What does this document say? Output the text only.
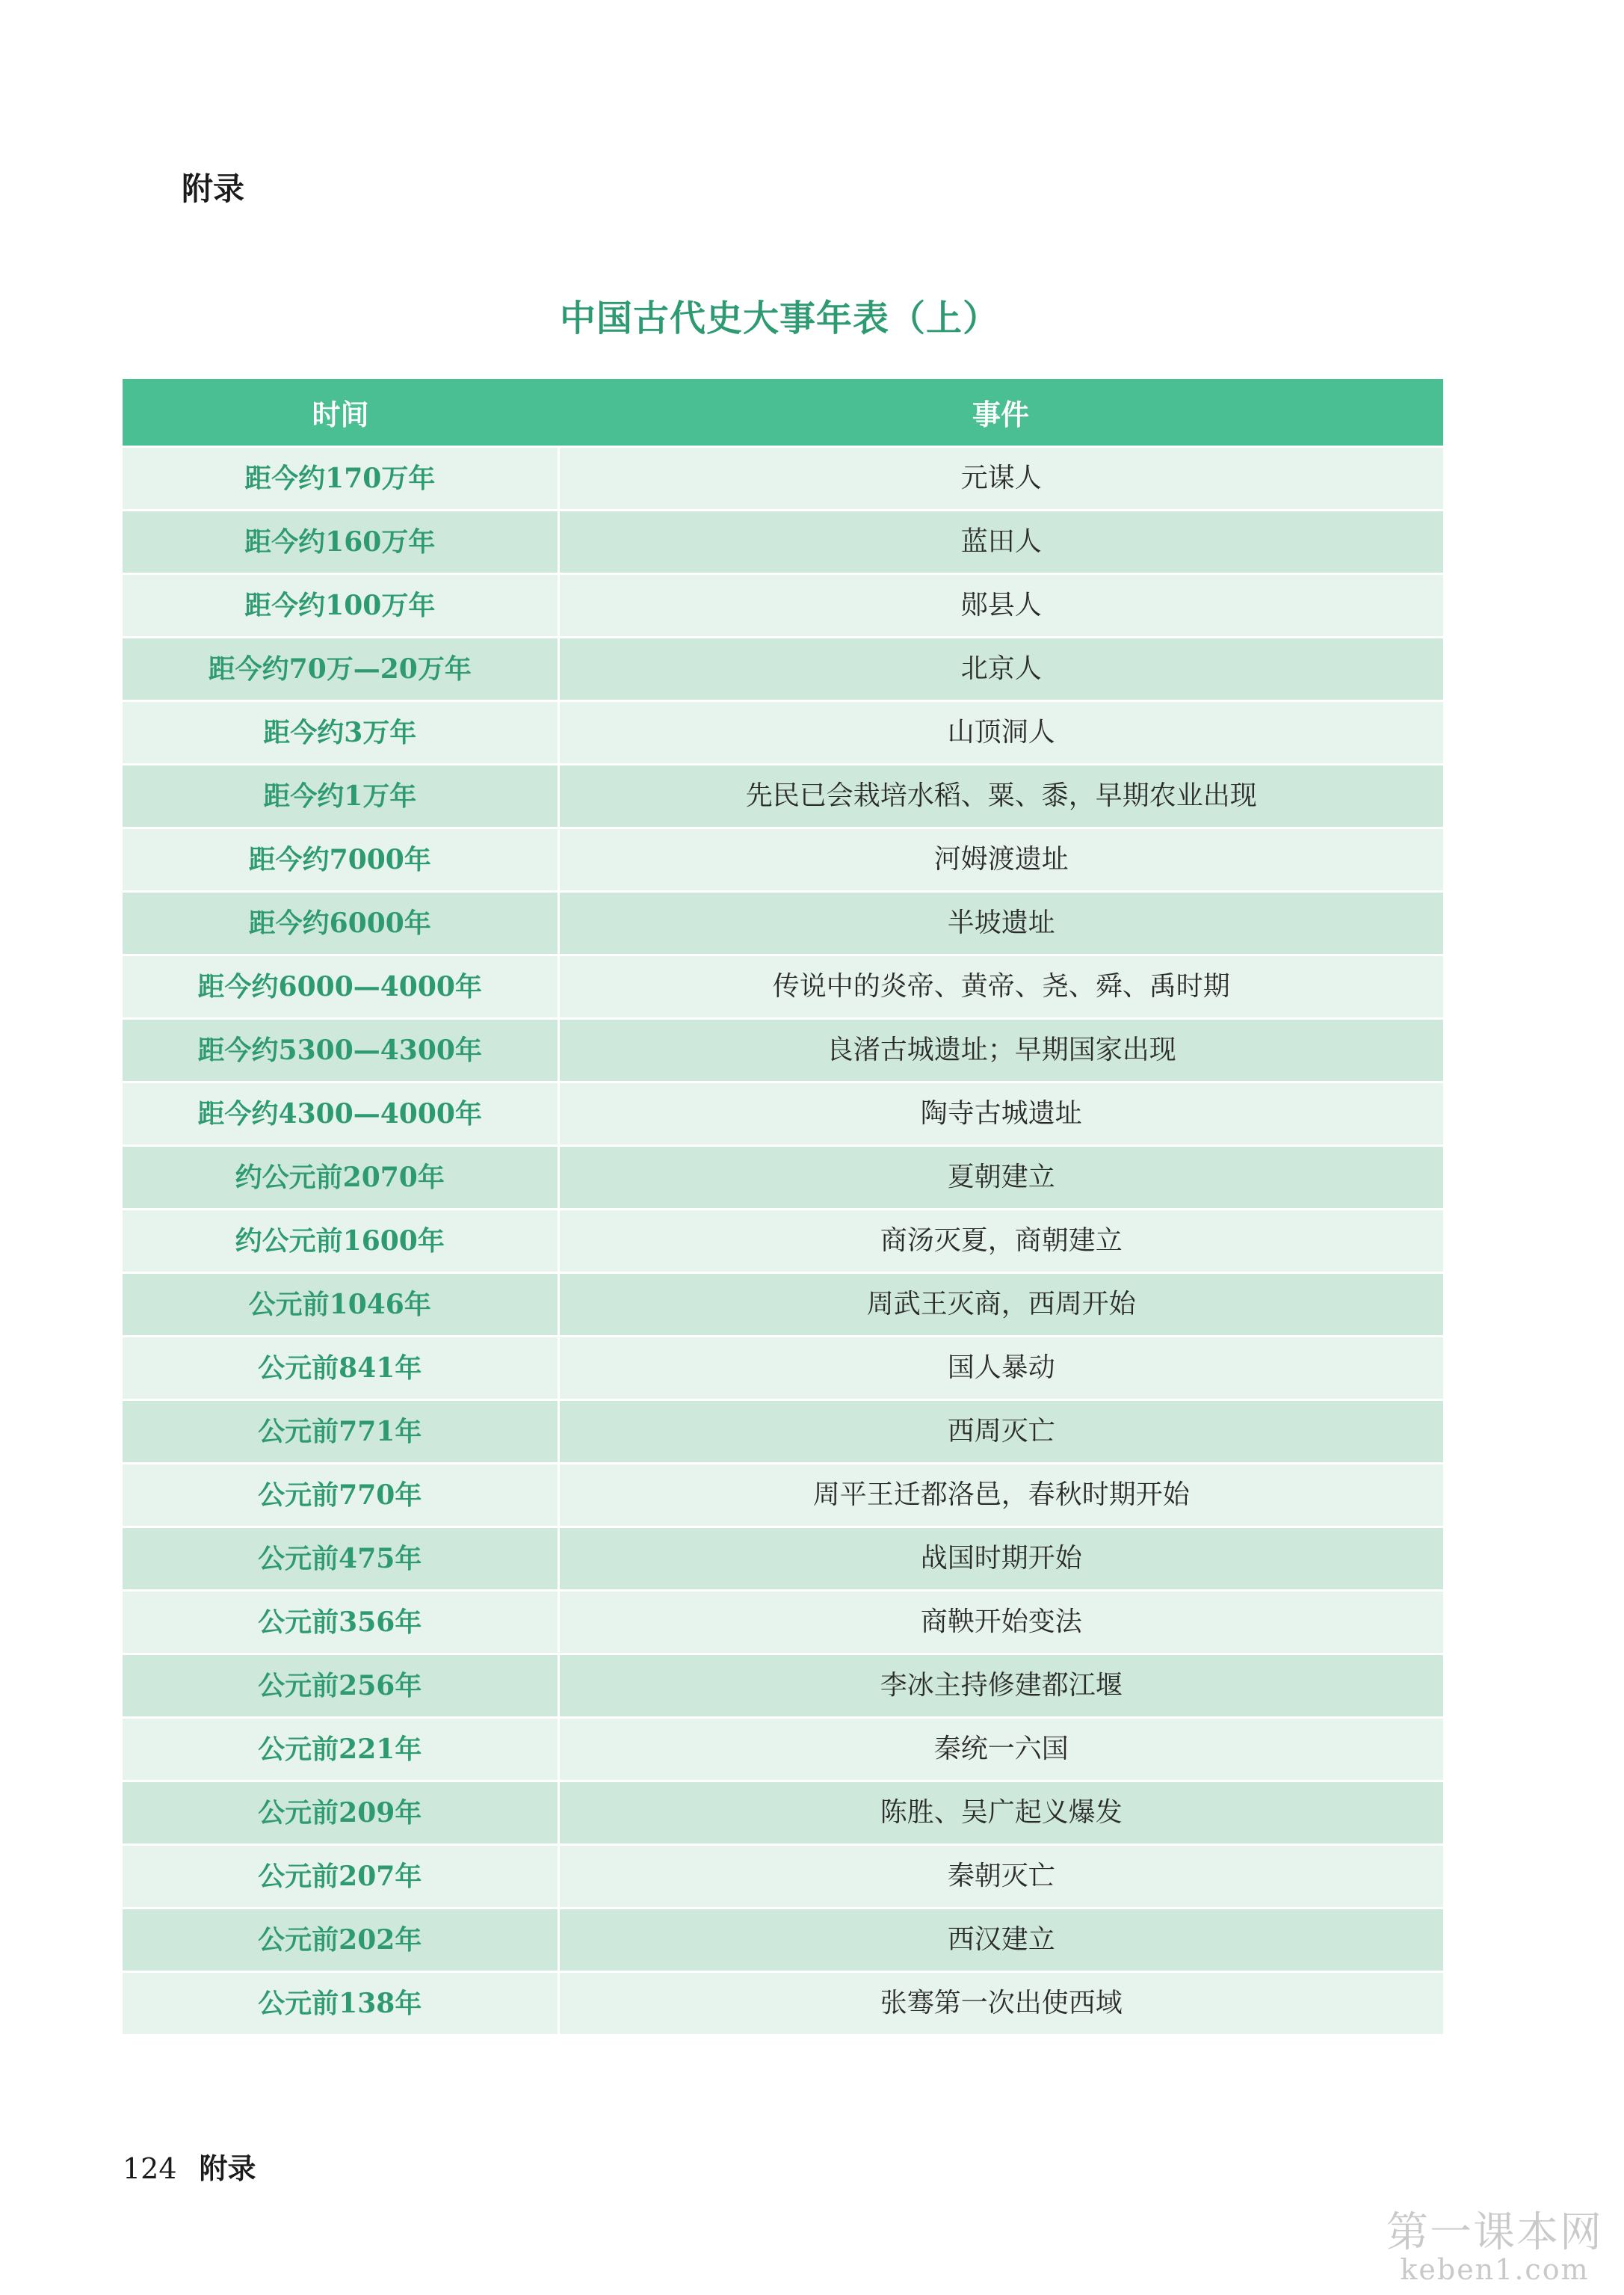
附录
中国古代史大事年表（上）
时间	事件
距今约170万年	元谋人
距今约160万年	蓝田人
距今约100万年	郧县人
距今约70万—20万年	北京人
距今约3万年	山顶洞人
距今约1万年	先民已会栽培水稻、粟、黍，早期农业出现
距今约7000年	河姆渡遗址
距今约6000年	半坡遗址
距今约6000—4000年	传说中的炎帝、黄帝、尧、舜、禹时期
距今约5300—4300年	良渚古城遗址；早期国家出现
距今约4300—4000年	陶寺古城遗址
约公元前2070年	夏朝建立
约公元前1600年	商汤灭夏，商朝建立
公元前1046年	周武王灭商，西周开始
公元前841年	国人暴动
公元前771年	西周灭亡
公元前770年	周平王迁都洛邑，春秋时期开始
公元前475年	战国时期开始
公元前356年	商鞅开始变法
公元前256年	李冰主持修建都江堰
公元前221年	秦统一六国
公元前209年	陈胜、吴广起义爆发
公元前207年	秦朝灭亡
公元前202年	西汉建立
公元前138年	张骞第一次出使西域
124 附录
第一课本网
keben1.com
